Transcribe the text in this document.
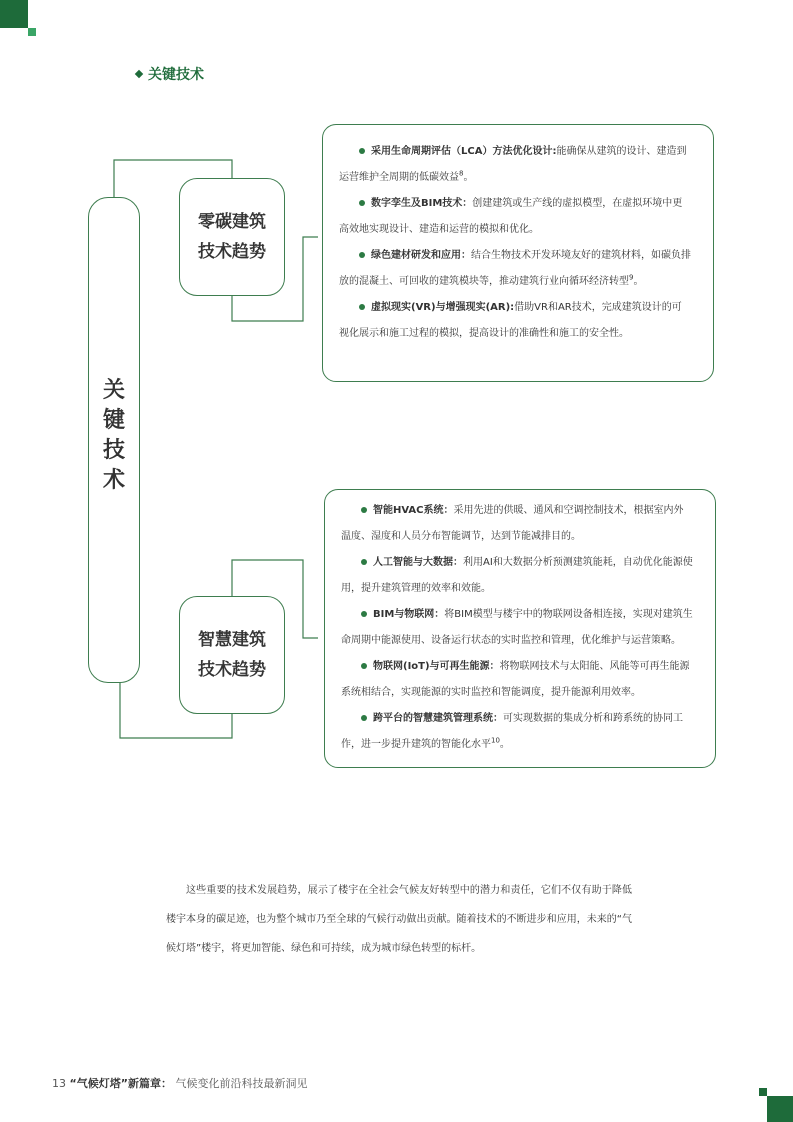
关键技术
关
键
技
术
零碳建筑
技术趋势
采用生命周期评估（LCA）方法优化设计:能确保从建筑的设计、建造到运营维护全周期的低碳效益$^8$。
数字孪生及BIM技术：创建建筑或生产线的虚拟模型，在虚拟环境中更高效地实现设计、建造和运营的模拟和优化。
绿色建材研发和应用：结合生物技术开发环境友好的建筑材料，如碳负排放的混凝土、可回收的建筑模块等，推动建筑行业向循环经济转型$^9$。
虚拟现实(VR)与增强现实(AR):借助VR和AR技术，完成建筑设计的可视化展示和施工过程的模拟，提高设计的准确性和施工的安全性。
智慧建筑
技术趋势
智能HVAC系统：采用先进的供暖、通风和空调控制技术，根据室内外温度、湿度和人员分布智能调节，达到节能减排目的。
人工智能与大数据：利用AI和大数据分析预测建筑能耗，自动优化能源使用，提升建筑管理的效率和效能。
BIM与物联网：将BIM模型与楼宇中的物联网设备相连接，实现对建筑生命周期中能源使用、设备运行状态的实时监控和管理，优化维护与运营策略。
物联网(IoT)与可再生能源：将物联网技术与太阳能、风能等可再生能源系统相结合，实现能源的实时监控和智能调度，提升能源利用效率。
跨平台的智慧建筑管理系统：可实现数据的集成分析和跨系统的协同工作，进一步提升建筑的智能化水平$^{10}$。
这些重要的技术发展趋势，展示了楼宇在全社会气候友好转型中的潜力和责任，它们不仅有助于降低楼宇本身的碳足迹，也为整个城市乃至全球的气候行动做出贡献。随着技术的不断进步和应用，未来的“气候灯塔”楼宇，将更加智能、绿色和可持续，成为城市绿色转型的标杆。
13 “气候灯塔”新篇章： 气候变化前沿科技最新洞见
